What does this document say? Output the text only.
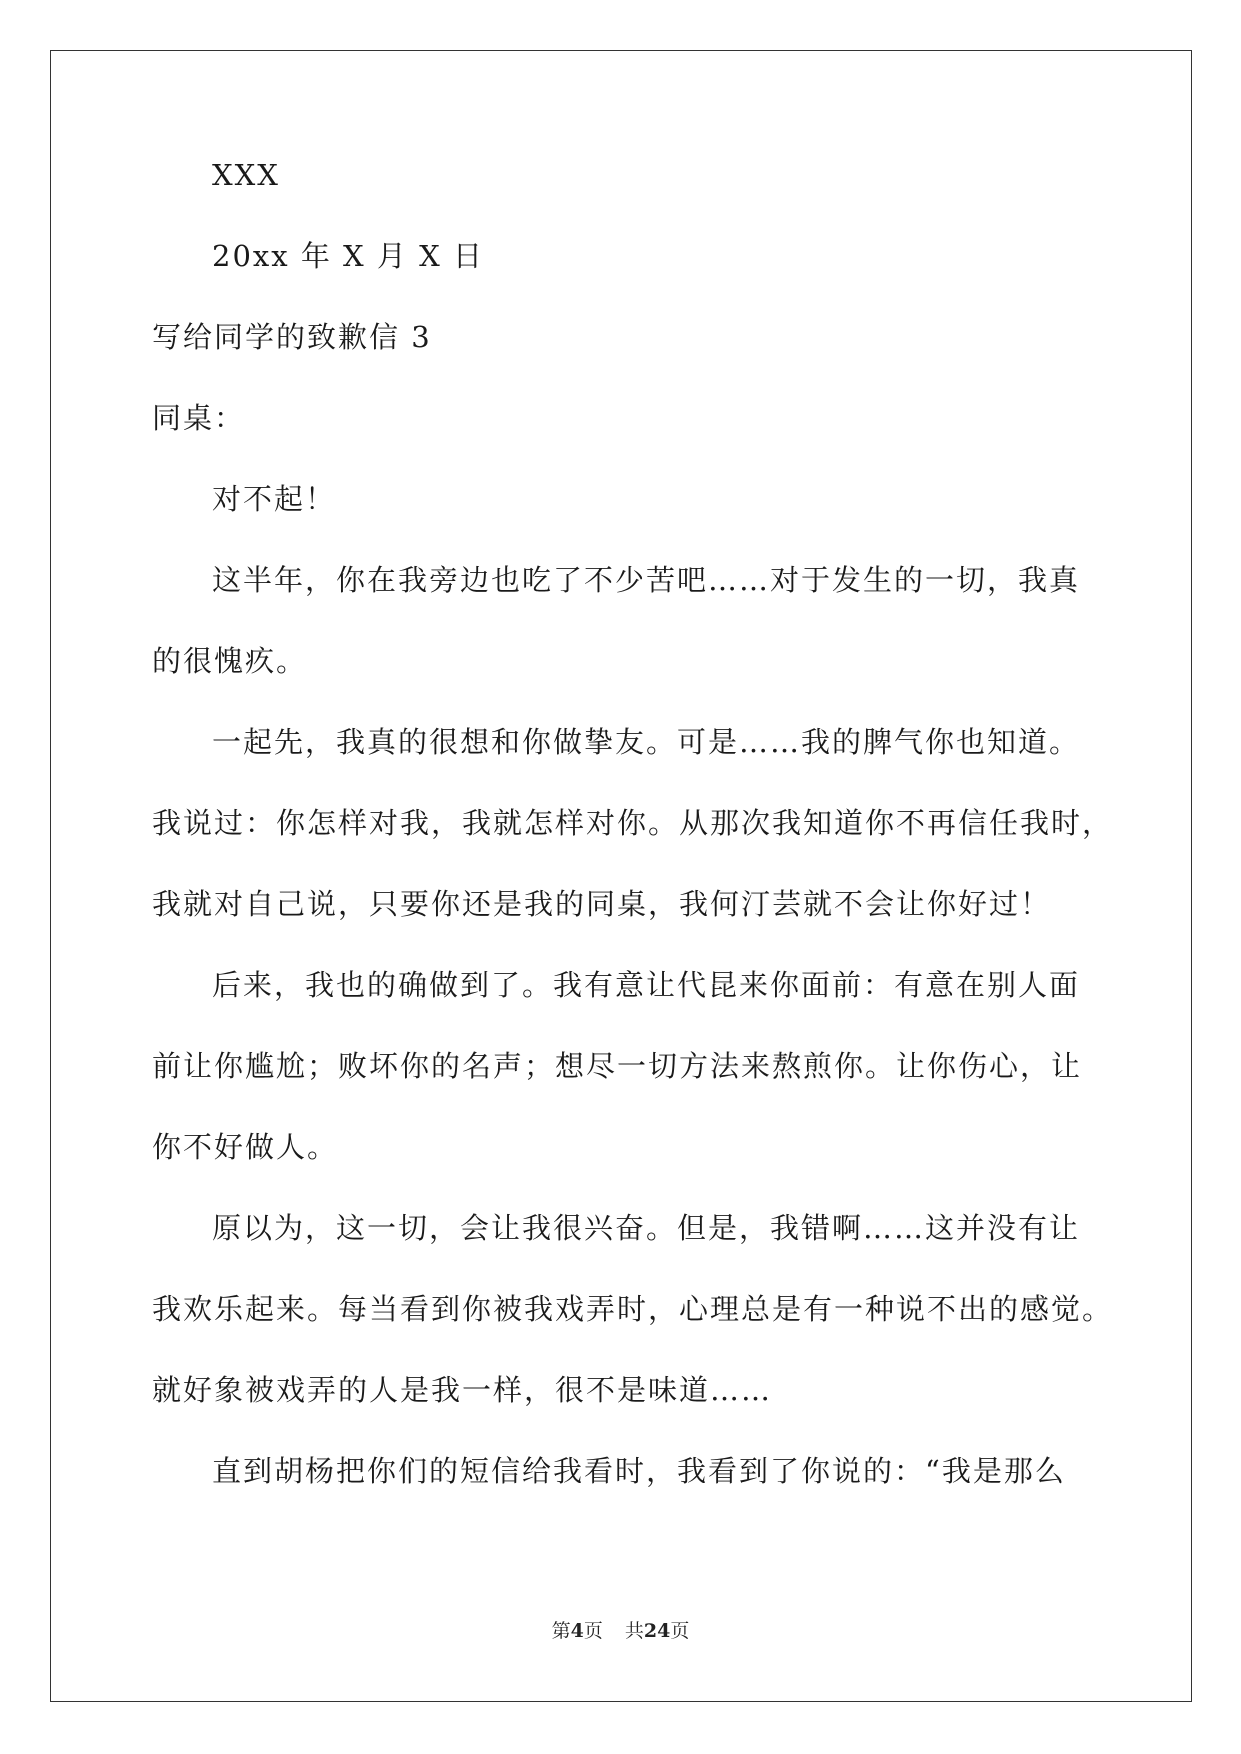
XXX
20xx 年 X 月 X 日
写给同学的致歉信 3
同桌：
对不起！
这半年，你在我旁边也吃了不少苦吧……对于发生的一切，我真
的很愧疚。
一起先，我真的很想和你做挚友。可是……我的脾气你也知道。
我说过：你怎样对我，我就怎样对你。从那次我知道你不再信任我时，
我就对自己说，只要你还是我的同桌，我何汀芸就不会让你好过！
后来，我也的确做到了。我有意让代昆来你面前：有意在别人面
前让你尴尬；败坏你的名声；想尽一切方法来熬煎你。让你伤心，让
你不好做人。
原以为，这一切，会让我很兴奋。但是，我错啊……这并没有让
我欢乐起来。每当看到你被我戏弄时，心理总是有一种说不出的感觉。
就好象被戏弄的人是我一样，很不是味道……
直到胡杨把你们的短信给我看时，我看到了你说的：“我是那么
第4页 共24页
